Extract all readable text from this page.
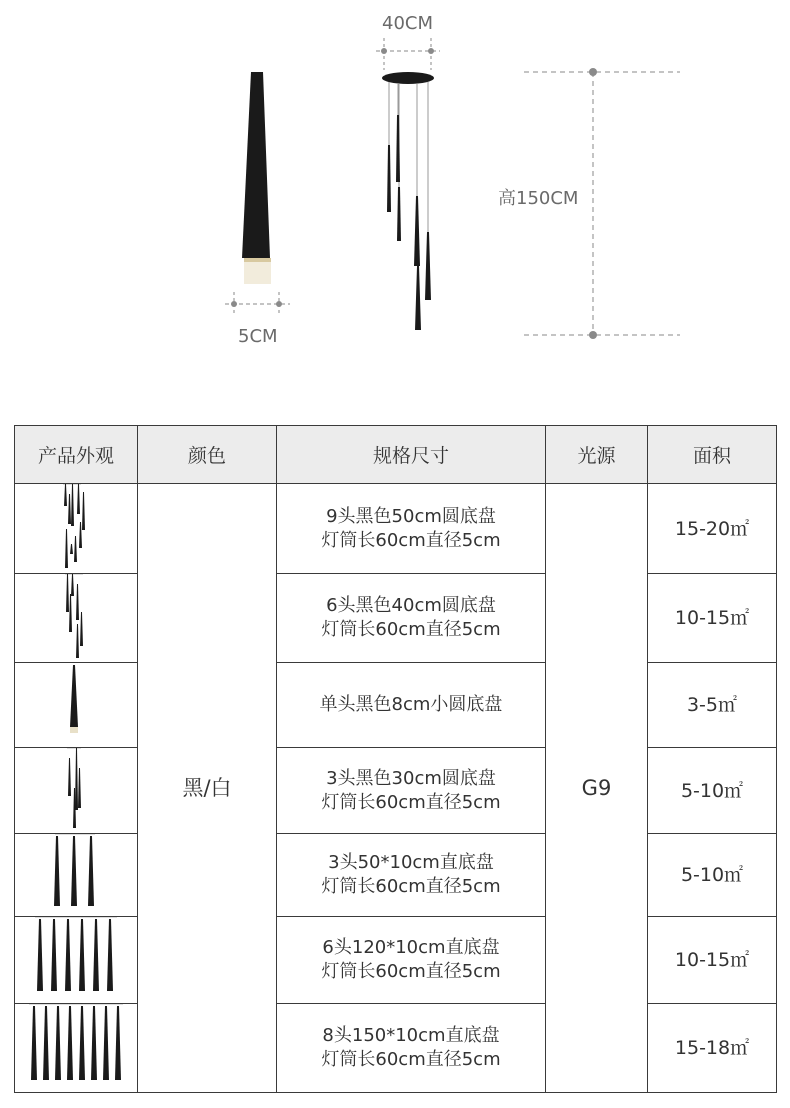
40CM
高150CM
5CM
产品外观	颜色	规格尺寸	光源	面积

	黑/白	9头黑色50cm圆底盘
灯筒长60cm直径5cm	G9	15-20㎡

6头黑色40cm圆底盘
灯筒长60cm直径5cm		10-15㎡

单头黑色8cm小圆底盘		3-5㎡

3头黑色30cm圆底盘
灯筒长60cm直径5cm		5-10㎡

3头50*10cm直底盘
灯筒长60cm直径5cm		5-10㎡

6头120*10cm直底盘
灯筒长60cm直径5cm		10-15㎡

8头150*10cm直底盘
灯筒长60cm直径5cm		15-18㎡
